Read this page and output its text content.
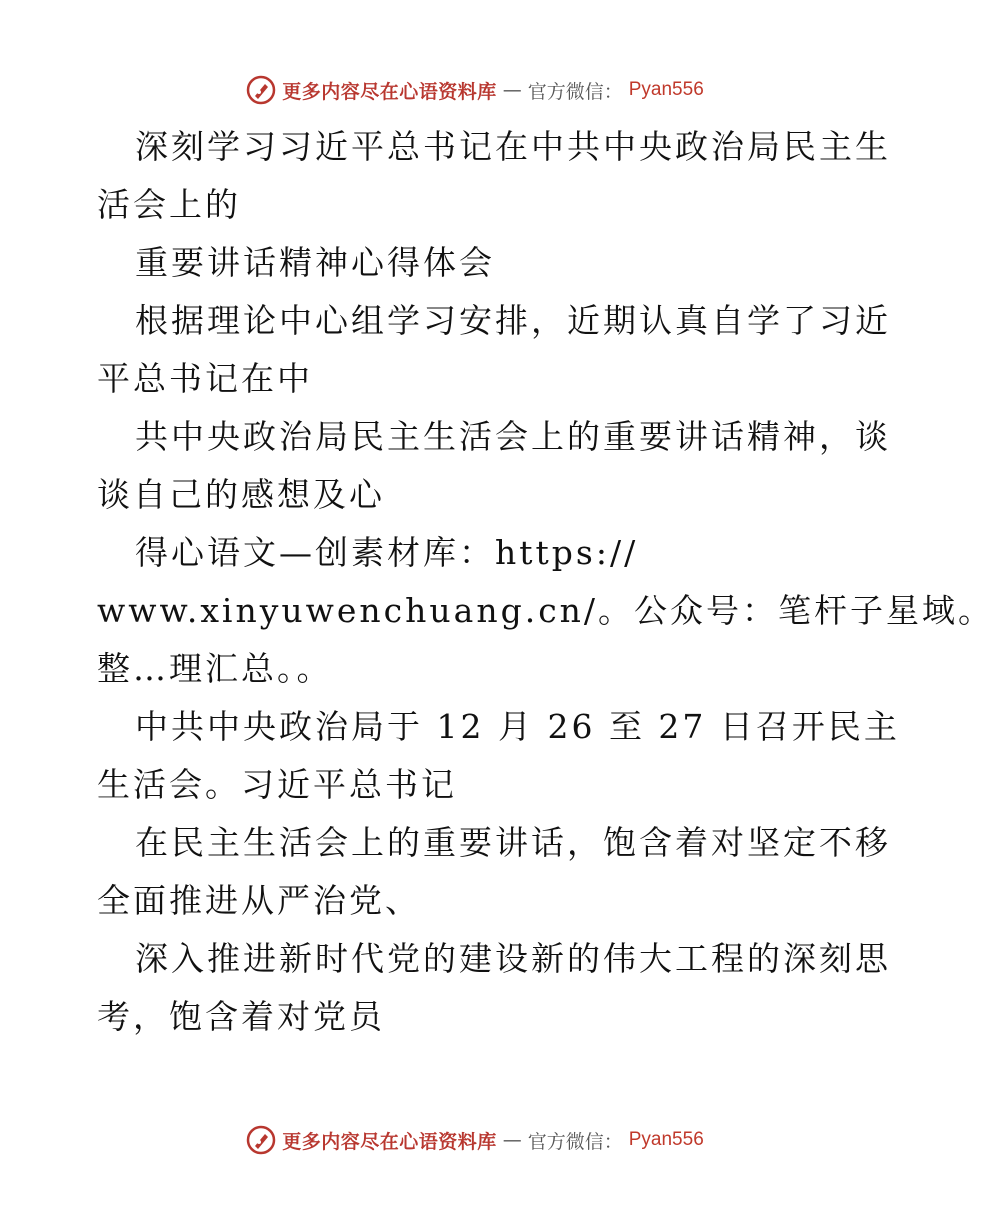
更多内容尽在心语资料库 — 官方微信： Pyan556
深刻学习习近平总书记在中共中央政治局民主生
活会上的
重要讲话精神心得体会
根据理论中心组学习安排，近期认真自学了习近
平总书记在中
共中央政治局民主生活会上的重要讲话精神，谈
谈自己的感想及心
得心语文—创素材库：https://
www.xinyuwenchuang.cn/。公众号：笔杆子星域。
整…理汇总。。
中共中央政治局于 12 月 26 至 27 日召开民主
生活会。习近平总书记
在民主生活会上的重要讲话，饱含着对坚定不移
全面推进从严治党、
深入推进新时代党的建设新的伟大工程的深刻思
考，饱含着对党员
更多内容尽在心语资料库 — 官方微信： Pyan556
